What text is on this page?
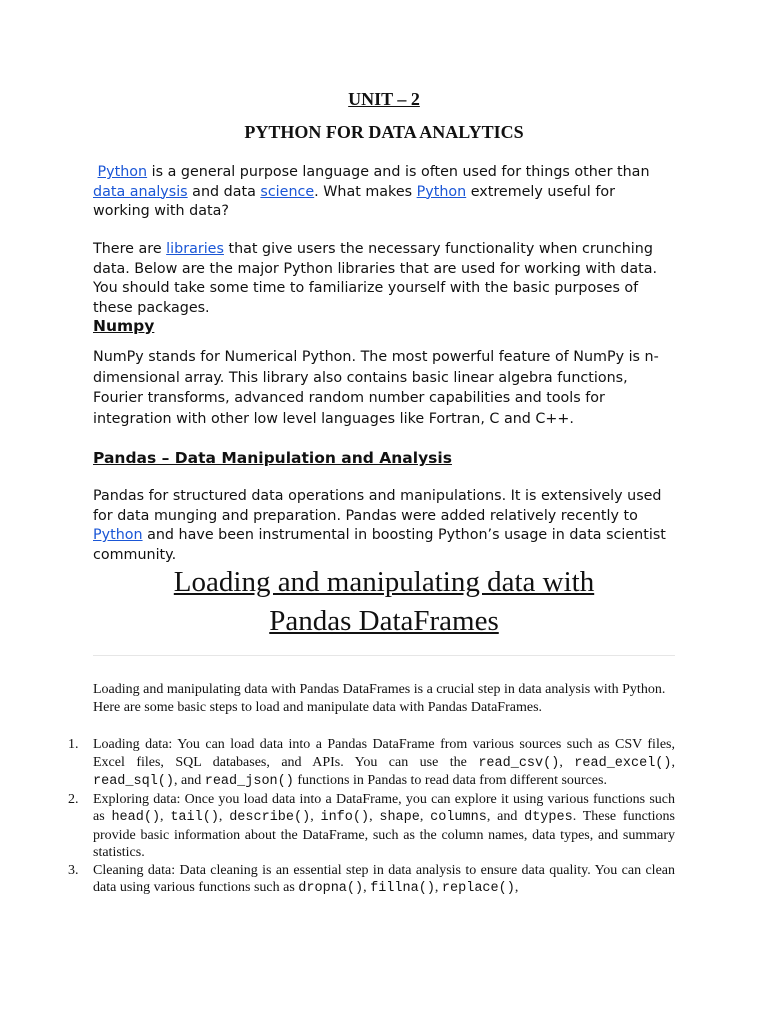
UNIT – 2
PYTHON FOR DATA ANALYTICS

Python is a general purpose language and is often used for things other than data analysis and data science. What makes Python extremely useful for working with data?

There are libraries that give users the necessary functionality when crunching data. Below are the major Python libraries that are used for working with data. You should take some time to familiarize yourself with the basic purposes of these packages.

Numpy

NumPy stands for Numerical Python. The most powerful feature of NumPy is n-dimensional array. This library also contains basic linear algebra functions, Fourier transforms, advanced random number capabilities and tools for integration with other low level languages like Fortran, C and C++.

Pandas – Data Manipulation and Analysis

Pandas for structured data operations and manipulations. It is extensively used for data munging and preparation. Pandas were added relatively recently to Python and have been instrumental in boosting Python’s usage in data scientist community.

Loading and manipulating data with
Pandas DataFrames

Loading and manipulating data with Pandas DataFrames is a crucial step in data analysis with Python. Here are some basic steps to load and manipulate data with Pandas DataFrames.

1. Loading data: You can load data into a Pandas DataFrame from various sources such as CSV files, Excel files, SQL databases, and APIs. You can use the read_csv(), read_excel(), read_sql(), and read_json() functions in Pandas to read data from different sources.
2. Exploring data: Once you load data into a DataFrame, you can explore it using various functions such as head(), tail(), describe(), info(), shape, columns, and dtypes. These functions provide basic information about the DataFrame, such as the column names, data types, and summary statistics.
3. Cleaning data: Data cleaning is an essential step in data analysis to ensure data quality. You can clean data using various functions such as dropna(), fillna(), replace(),
